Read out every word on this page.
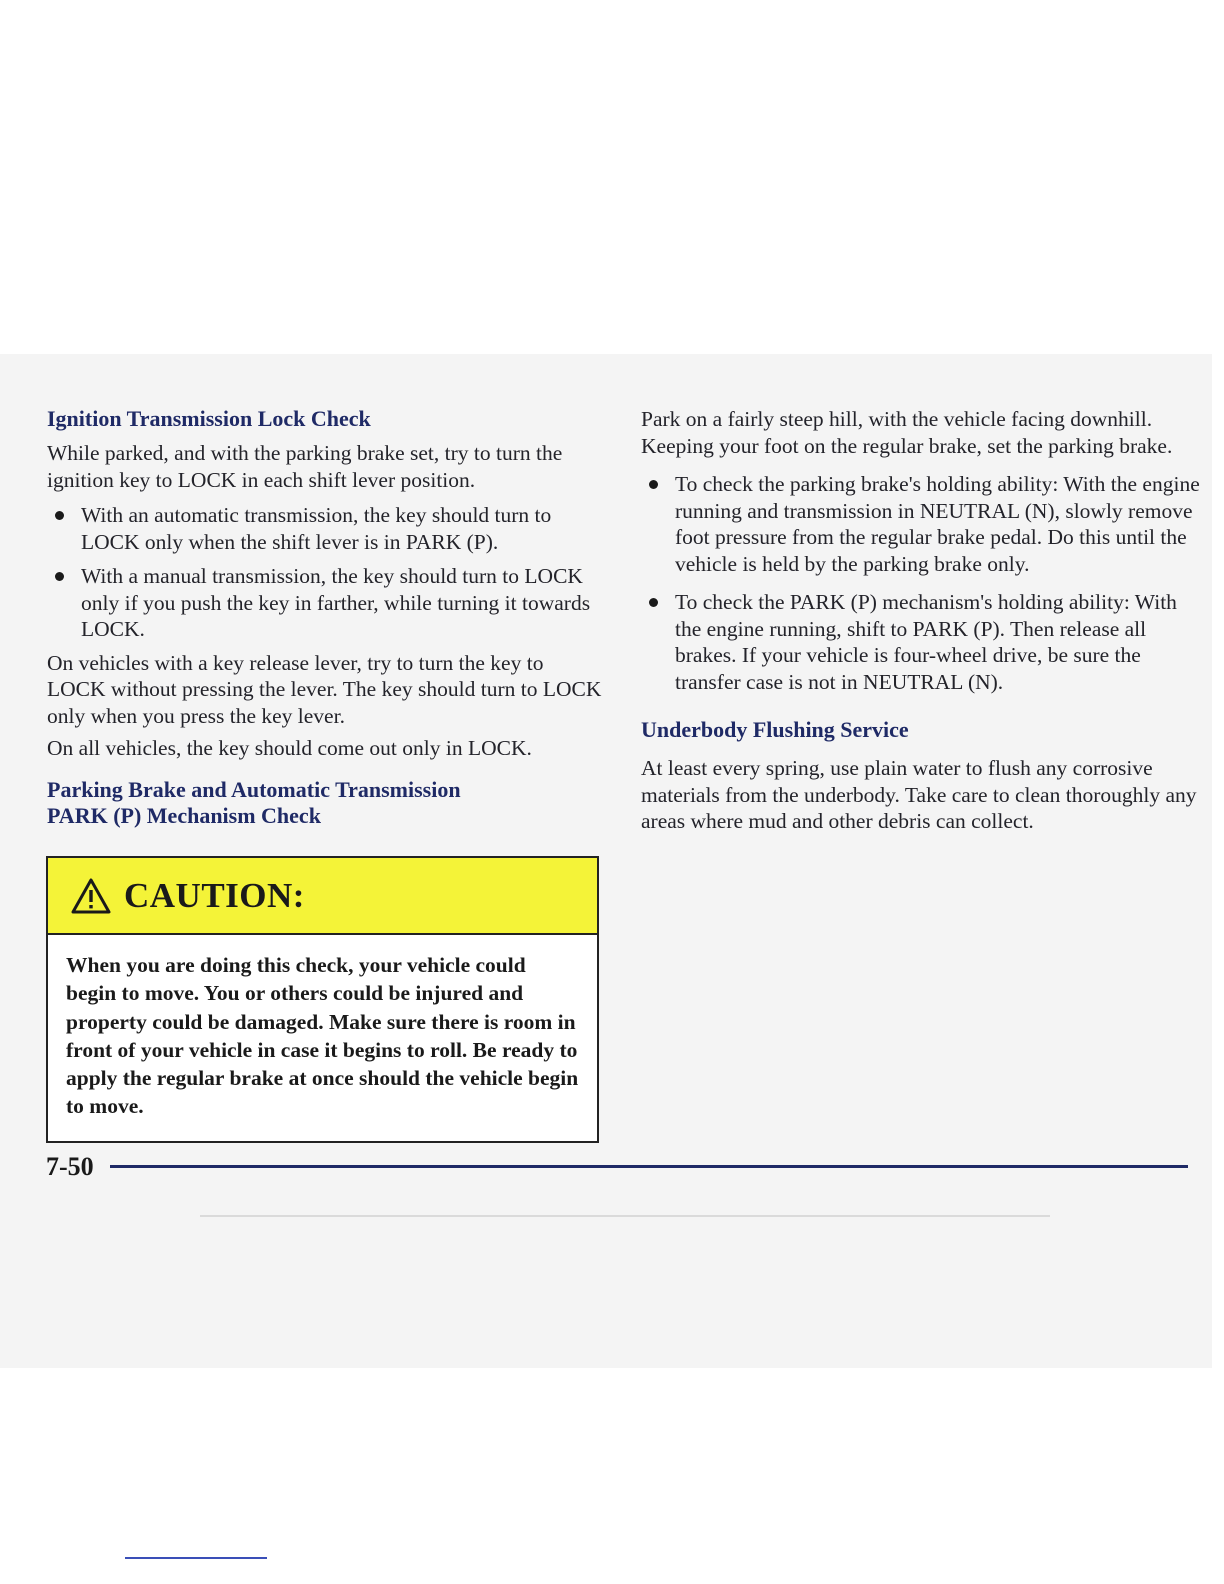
Ignition Transmission Lock Check

While parked, and with the parking brake set, try to turn the ignition key to LOCK in each shift lever position.

With an automatic transmission, the key should turn to LOCK only when the shift lever is in PARK (P).
With a manual transmission, the key should turn to LOCK only if you push the key in farther, while turning it towards LOCK.

On vehicles with a key release lever, try to turn the key to LOCK without pressing the lever. The key should turn to LOCK only when you press the key lever.

On all vehicles, the key should come out only in LOCK.

Parking Brake and Automatic Transmission
PARK (P) Mechanism Check
CAUTION:
When you are doing this check, your vehicle could begin to move. You or others could be injured and property could be damaged. Make sure there is room in front of your vehicle in case it begins to roll. Be ready to apply the regular brake at once should the vehicle begin to move.

Park on a fairly steep hill, with the vehicle facing downhill. Keeping your foot on the regular brake, set the parking brake.

To check the parking brake's holding ability: With the engine running and transmission in NEUTRAL (N), slowly remove foot pressure from the regular brake pedal. Do this until the vehicle is held by the parking brake only.
To check the PARK (P) mechanism's holding ability: With the engine running, shift to PARK (P). Then release all brakes. If your vehicle is four-wheel drive, be sure the transfer case is not in NEUTRAL (N).
Underbody Flushing Service

At least every spring, use plain water to flush any corrosive materials from the underbody. Take care to clean thoroughly any areas where mud and other debris can collect.

7-50
